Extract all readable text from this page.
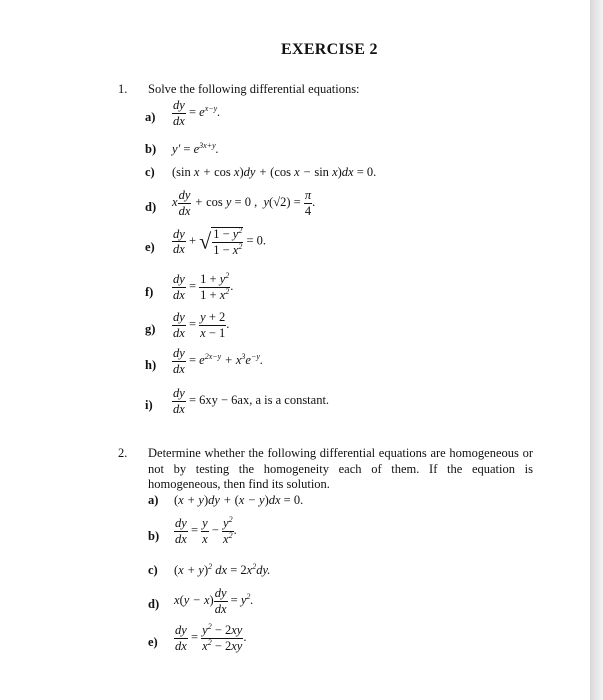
EXERCISE 2
1. Solve the following differential equations:
$a) \frac{dy}{dx} = e^{x-y}$.
b) $y' = e^{3x+y}$.
c) (sin x + cos x)dy + (cos x − sin x)dx = 0.
d) x $\frac{dy}{dx} + \cos y = 0$ ,  $y(√2) = \frac{\pi}{4}$ .
$e) \frac{dy}{dx}$ + √ $\frac{1 - y^2}{1 - x^2} = 0$.
$f) \frac{dy}{dx} = \frac{1 + y^2}{1 + x^2}$ .
$g) \frac{dy}{dx} = \frac{y + 2}{x - 1}$ .
$h) \frac{dy}{dx} = e^{2x-y} + x^3e^{-y}$.
$i) \frac{dy}{dx} = 6xy - 6ax$, a is a constant.
2. Determine whether the following differential equations are homogeneous or not by testing the homogeneity each of them. If the equation is homogeneous, then find its solution.
a) (x + y)dy + (x − y)dx = 0.
$b) \frac{dy}{dx} = \frac{y}{x} - \frac{y^2}{x^2}$ .
c) $(x + y)^2$ dx = $2x^2dy$.
d) $x(y - x) \frac{dy}{dx} = y^2$.
$e) \frac{dy}{dx} = \frac{y^2 - 2xy}{x^2 - 2xy}$ .
